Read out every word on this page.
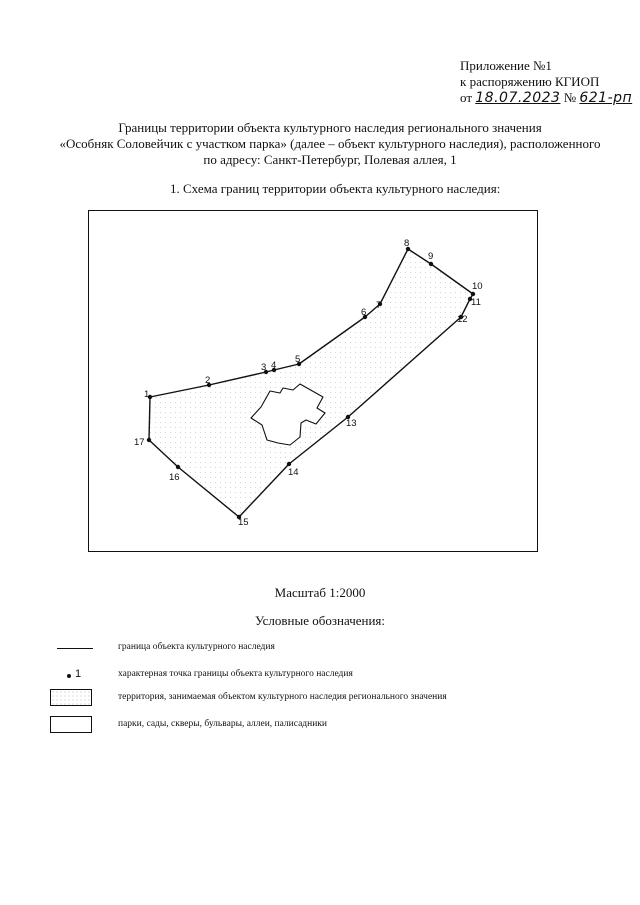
Приложение №1
к распоряжению КГИОП
от 18.07.2023 № 621-рп
Границы территории объекта культурного наследия регионального значения
«Особняк Соловейчик с участком парка» (далее – объект культурного наследия), расположенного
по адресу: Санкт-Петербург, Полевая аллея, 1
1. Схема границ территории объекта культурного наследия:
1
2
3 4
5
6
7
8
9
10
11
12
13
14
15
16
17
Масштаб 1:2000
Условные обозначения:
граница объекта культурного наследия
1	характерная точка границы объекта культурного наследия
территория, занимаемая объектом культурного наследия регионального значения
парки, сады, скверы, бульвары, аллеи, палисадники
